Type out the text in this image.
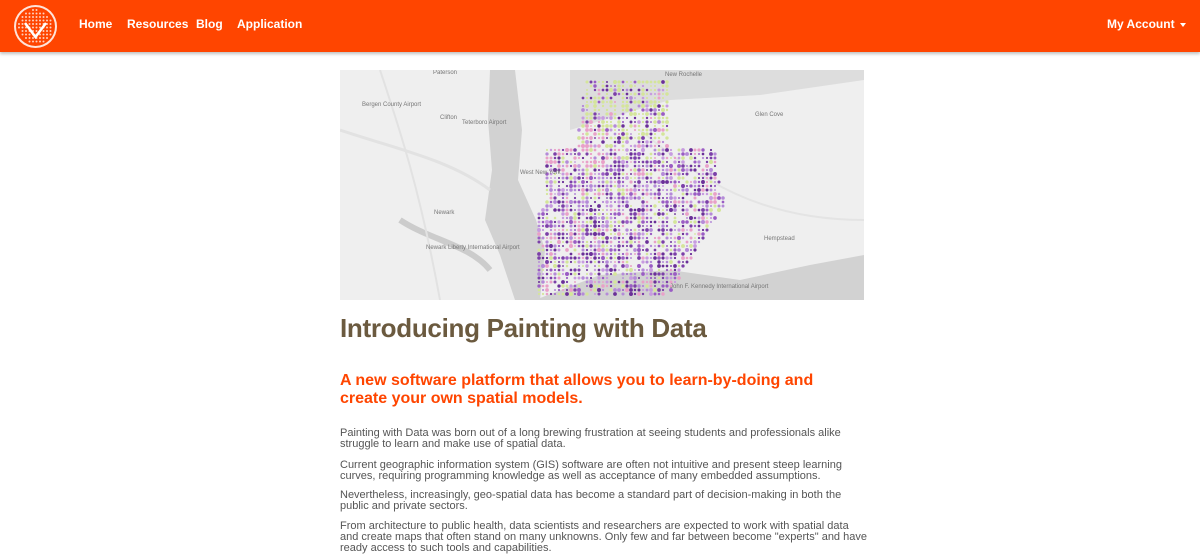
Home Resources Blog Application	My Account
Paterson	New Rochelle
Bergen County Airport
Teterboro Airport
Clifton	Glen Cove
West New York
Newark
Newark Liberty International Airport
Hempstead
John F. Kennedy International Airport
Introducing Painting with Data
A new software platform that allows you to learn-by-doing and create your own spatial models.
Painting with Data was born out of a long brewing frustration at seeing students and professionals alike struggle to learn and make use of spatial data.
Current geographic information system (GIS) software are often not intuitive and present steep learning curves, requiring programming knowledge as well as acceptance of many embedded assumptions.
Nevertheless, increasingly, geo-spatial data has become a standard part of decision-making in both the public and private sectors.
From architecture to public health, data scientists and researchers are expected to work with spatial data and create maps that often stand on many unknowns. Only few and far between become "experts" and have ready access to such tools and capabilities.
